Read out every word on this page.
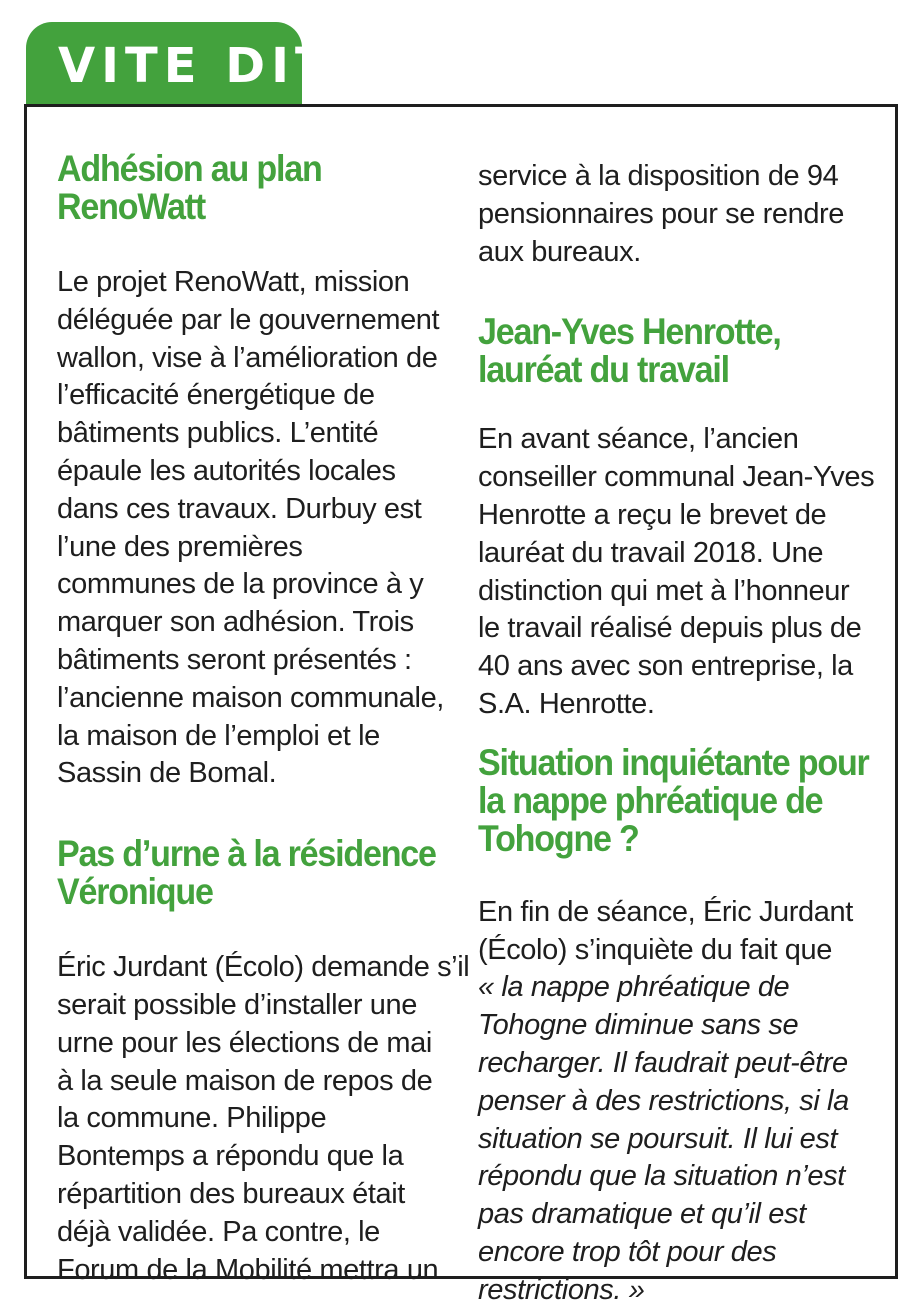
VITE DIT
Adhésion au plan
RenoWatt

Le projet RenoWatt, mission
déléguée par le gouvernement
wallon, vise à l’amélioration de
l’efficacité énergétique de
bâtiments publics. L’entité
épaule les autorités locales
dans ces travaux. Durbuy est
l’une des premières
communes de la province à y
marquer son adhésion. Trois
bâtiments seront présentés :
l’ancienne maison communale,
la maison de l’emploi et le
Sassin de Bomal.

Pas d’urne à la résidence
Véronique

Éric Jurdant (Écolo) demande s’il
serait possible d’installer une
urne pour les élections de mai
à la seule maison de repos de
la commune. Philippe
Bontemps a répondu que la
répartition des bureaux était
déjà validée. Pa contre, le
Forum de la Mobilité mettra un

service à la disposition de 94
pensionnaires pour se rendre
aux bureaux.

Jean-Yves Henrotte,
lauréat du travail

En avant séance, l’ancien
conseiller communal Jean-Yves
Henrotte a reçu le brevet de
lauréat du travail 2018. Une
distinction qui met à l’honneur
le travail réalisé depuis plus de
40 ans avec son entreprise, la
S.A. Henrotte.

Situation inquiétante pour
la nappe phréatique de
Tohogne ?

En fin de séance, Éric Jurdant
(Écolo) s’inquiète du fait que
« la nappe phréatique de
Tohogne diminue sans se
recharger. Il faudrait peut-être
penser à des restrictions, si la
situation se poursuit. Il lui est
répondu que la situation n’est
pas dramatique et qu’il est
encore trop tôt pour des
restrictions. »
